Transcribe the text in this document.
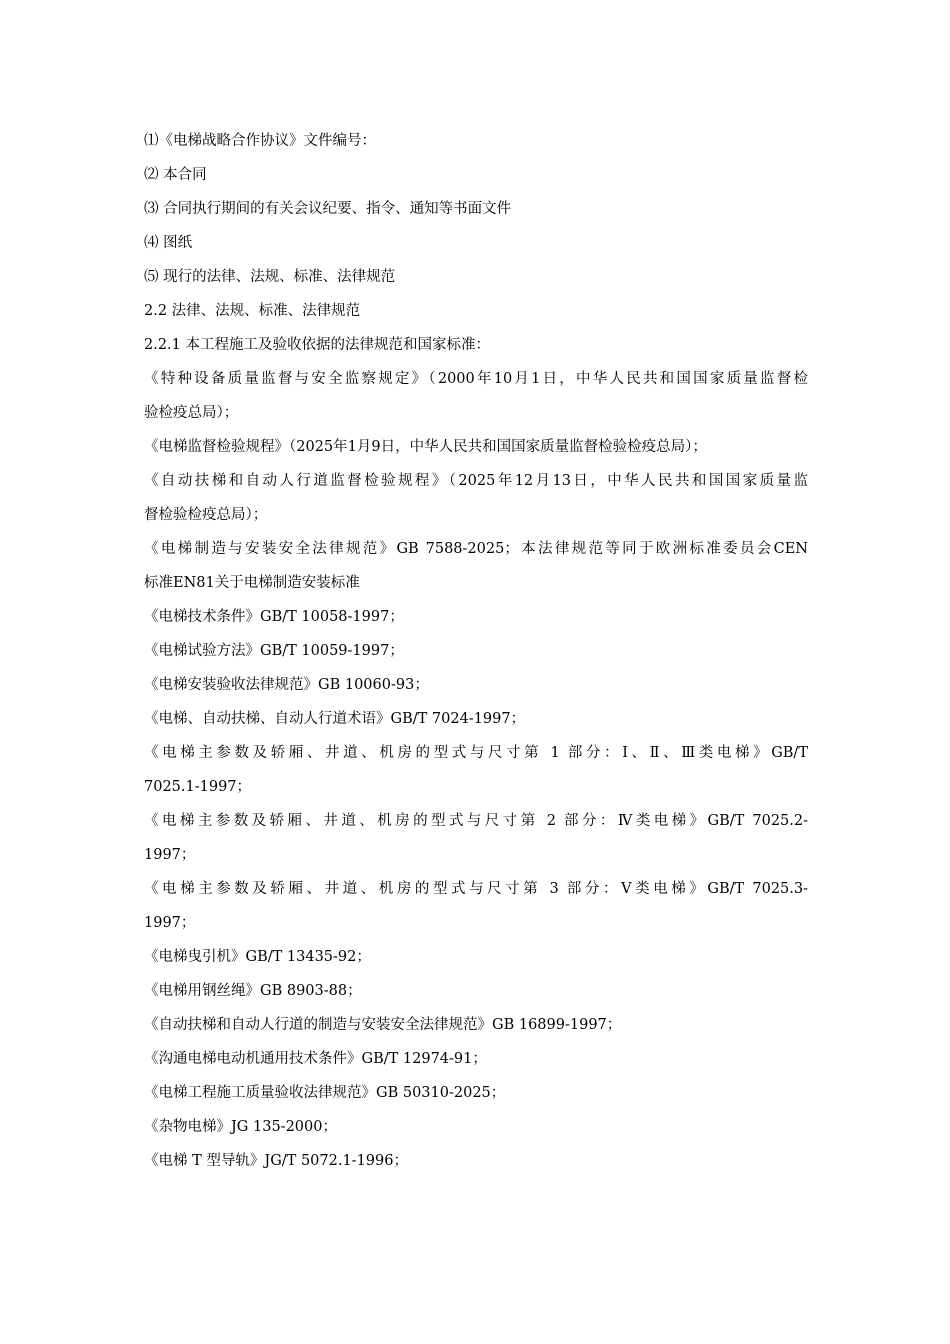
⑴《电梯战略合作协议》文件编号：
⑵ 本合同
⑶ 合同执行期间的有关会议纪要、指令、通知等书面文件
⑷ 图纸
⑸ 现行的法律、法规、标准、法律规范
2.2 法律、法规、标准、法律规范
2.2.1 本工程施工及验收依据的法律规范和国家标准：
《特种设备质量监督与安全监察规定》（2000年10月1日，中华人民共和国国家质量监督检
验检疫总局）；
《电梯监督检验规程》（2025年1月9日，中华人民共和国国家质量监督检验检疫总局）；
《自动扶梯和自动人行道监督检验规程》（2025年12月13日，中华人民共和国国家质量监
督检验检疫总局）；
《电梯制造与安装安全法律规范》GB 7588-2025；本法律规范等同于欧洲标准委员会CEN
标准EN81关于电梯制造安装标准
《电梯技术条件》GB/T 10058-1997；
《电梯试验方法》GB/T 10059-1997；
《电梯安装验收法律规范》GB 10060-93；
《电梯、自动扶梯、自动人行道术语》GB/T 7024-1997；
《电梯主参数及轿厢、井道、机房的型式与尺寸第 1 部分：Ⅰ、Ⅱ、Ⅲ类电梯》GB/T
7025.1-1997；
《电梯主参数及轿厢、井道、机房的型式与尺寸第 2 部分：Ⅳ类电梯》GB/T 7025.2-
1997；
《电梯主参数及轿厢、井道、机房的型式与尺寸第 3 部分：Ⅴ类电梯》GB/T 7025.3-
1997；
《电梯曳引机》GB/T 13435-92；
《电梯用钢丝绳》GB 8903-88；
《自动扶梯和自动人行道的制造与安装安全法律规范》GB 16899-1997；
《沟通电梯电动机通用技术条件》GB/T 12974-91；
《电梯工程施工质量验收法律规范》GB 50310-2025；
《杂物电梯》JG 135-2000；
《电梯 T 型导轨》JG/T 5072.1-1996；
